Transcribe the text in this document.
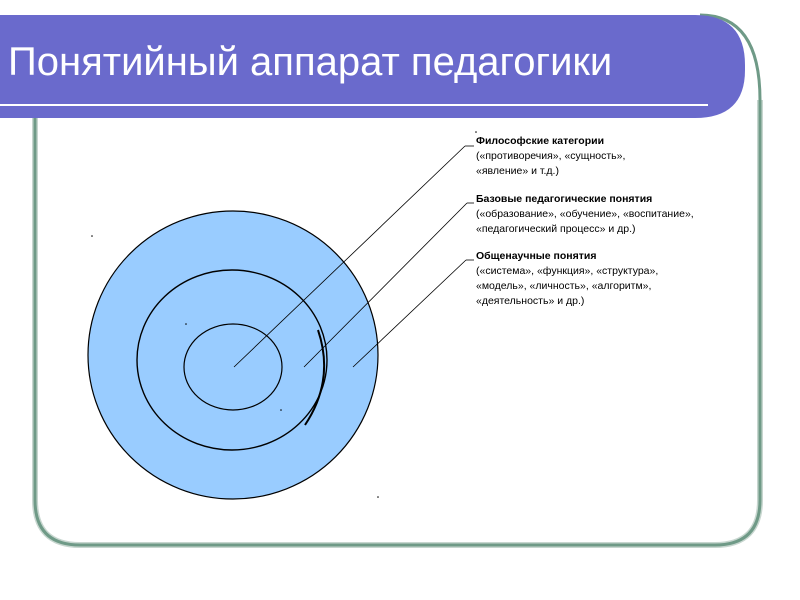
Понятийный аппарат педагогики
Философские категории
(«противоречия», «сущность»,
«явление» и т.д.)
Базовые педагогические понятия
(«образование», «обучение», «воспитание»,
«педагогический процесс» и др.)
Общенаучные понятия
(«система», «функция», «структура»,
«модель», «личность», «алгоритм»,
«деятельность» и др.)
